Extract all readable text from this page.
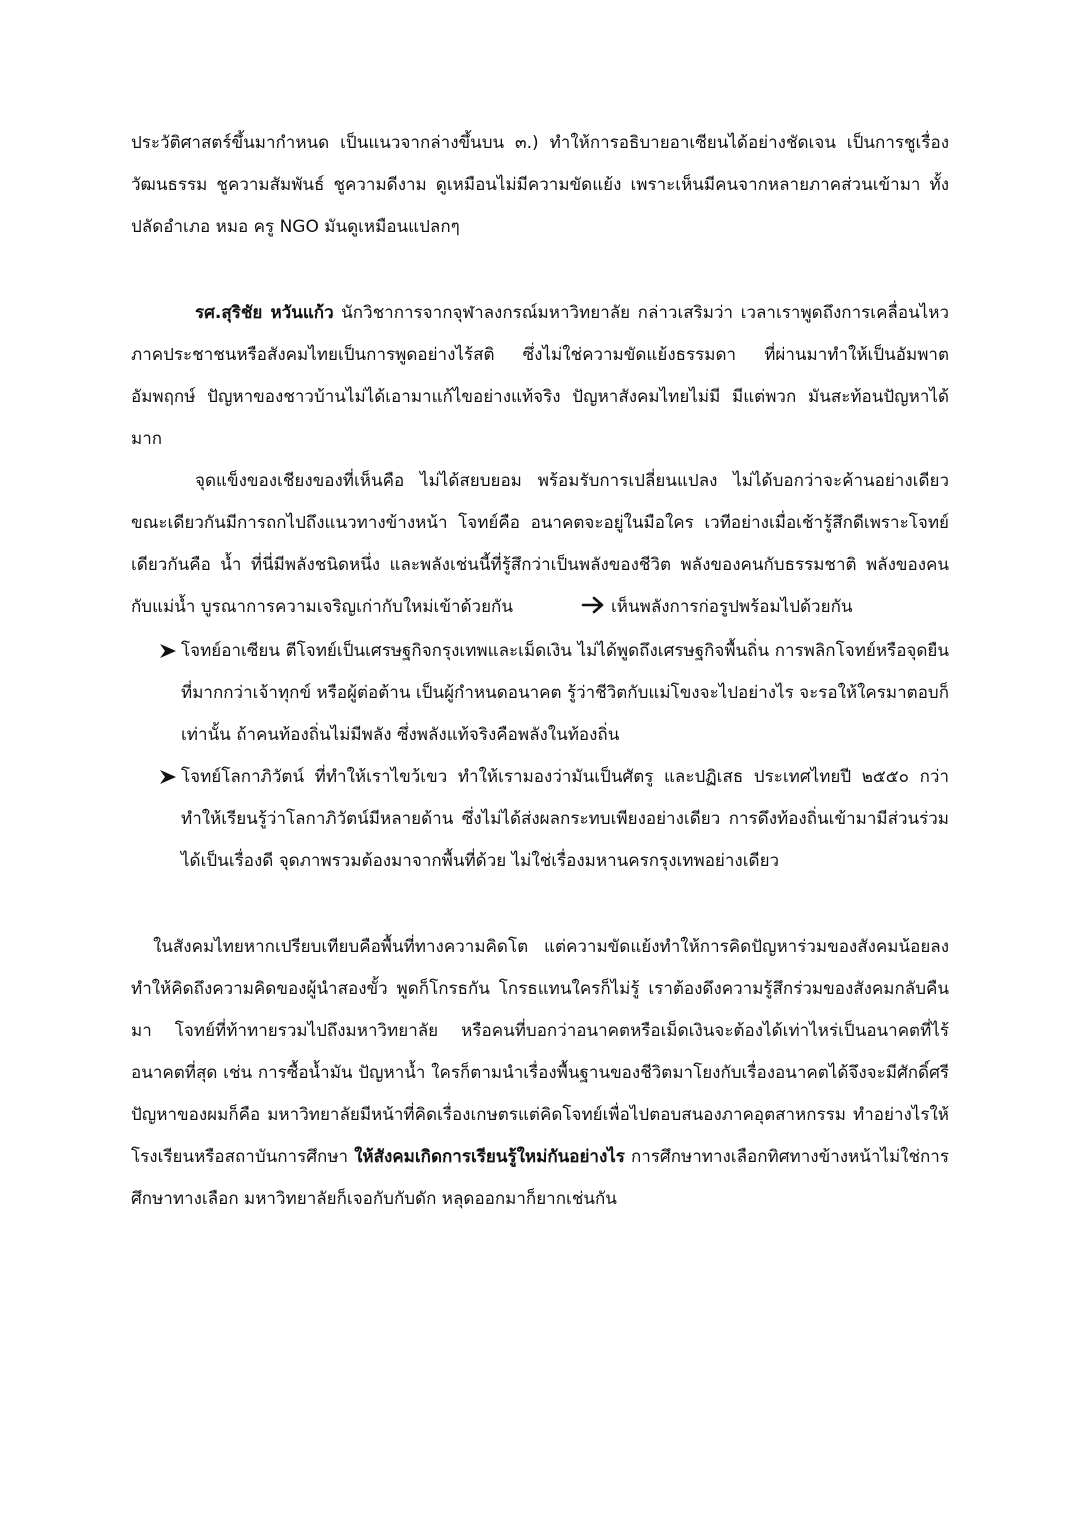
ประวัติศาสตร์ขึ้นมากำหนด เป็นแนวจากล่างขึ้นบน ๓.) ทำให้การอธิบายอาเซียนได้อย่างชัดเจน เป็นการชูเรื่องวัฒนธรรม ชูความสัมพันธ์ ชูความดีงาม ดูเหมือนไม่มีความขัดแย้ง เพราะเห็นมีคนจากหลายภาคส่วนเข้ามา ทั้งปลัดอำเภอ หมอ ครู NGO มันดูเหมือนแปลกๆ

รศ.สุริชัย หวันแก้ว นักวิชาการจากจุฬาลงกรณ์มหาวิทยาลัย กล่าวเสริมว่า เวลาเราพูดถึงการเคลื่อนไหวภาคประชาชนหรือสังคมไทยเป็นการพูดอย่างไร้สติ ซึ่งไม่ใช่ความขัดแย้งธรรมดา ที่ผ่านมาทำให้เป็นอัมพาต อัมพฤกษ์ ปัญหาของชาวบ้านไม่ได้เอามาแก้ไขอย่างแท้จริง ปัญหาสังคมไทยไม่มี มีแต่พวก มันสะท้อนปัญหาได้มาก

จุดแข็งของเชียงของที่เห็นคือ ไม่ได้สยบยอม พร้อมรับการเปลี่ยนแปลง ไม่ได้บอกว่าจะค้านอย่างเดียว ขณะเดียวกันมีการถกไปถึงแนวทางข้างหน้า โจทย์คือ อนาคตจะอยู่ในมือใคร เวทีอย่างเมื่อเช้ารู้สึกดีเพราะโจทย์เดียวกันคือ น้ำ ที่นี่มีพลังชนิดหนึ่ง และพลังเช่นนี้ที่รู้สึกว่าเป็นพลังของชีวิต พลังของคนกับธรรมชาติ พลังของคนกับแม่น้ำ บูรณาการความเจริญเก่ากับใหม่เข้าด้วยกัน	เห็นพลังการก่อรูปพร้อมไปด้วยกัน

โจทย์อาเซียน ตีโจทย์เป็นเศรษฐกิจกรุงเทพและเม็ดเงิน ไม่ได้พูดถึงเศรษฐกิจพื้นถิ่น การพลิกโจทย์หรือจุดยืนที่มากกว่าเจ้าทุกข์ หรือผู้ต่อต้าน เป็นผู้กำหนดอนาคต รู้ว่าชีวิตกับแม่โขงจะไปอย่างไร จะรอให้ใครมาตอบก็เท่านั้น ถ้าคนท้องถิ่นไม่มีพลัง ซึ่งพลังแท้จริงคือพลังในท้องถิ่น
โจทย์โลกาภิวัตน์ ที่ทำให้เราไขว้เขว ทำให้เรามองว่ามันเป็นศัตรู และปฏิเสธ ประเทศไทยปี ๒๕๕๐ กว่า ทำให้เรียนรู้ว่าโลกาภิวัตน์มีหลายด้าน ซึ่งไม่ได้ส่งผลกระทบเพียงอย่างเดียว การดึงท้องถิ่นเข้ามามีส่วนร่วมได้เป็นเรื่องดี จุดภาพรวมต้องมาจากพื้นที่ด้วย ไม่ใช่เรื่องมหานครกรุงเทพอย่างเดียว

ในสังคมไทยหากเปรียบเทียบคือพื้นที่ทางความคิดโต แต่ความขัดแย้งทำให้การคิดปัญหาร่วมของสังคมน้อยลง ทำให้คิดถึงความคิดของผู้นำสองขั้ว พูดก็โกรธกัน โกรธแทนใครก็ไม่รู้ เราต้องดึงความรู้สึกร่วมของสังคมกลับคืนมา โจทย์ที่ท้าทายรวมไปถึงมหาวิทยาลัย หรือคนที่บอกว่าอนาคตหรือเม็ดเงินจะต้องได้เท่าไหร่เป็นอนาคตที่ไร้อนาคตที่สุด เช่น การซื้อน้ำมัน ปัญหาน้ำ ใครก็ตามนำเรื่องพื้นฐานของชีวิตมาโยงกับเรื่องอนาคตได้จึงจะมีศักดิ์ศรี ปัญหาของผมก็คือ มหาวิทยาลัยมีหน้าที่คิดเรื่องเกษตรแต่คิดโจทย์เพื่อไปตอบสนองภาคอุตสาหกรรม ทำอย่างไรให้โรงเรียนหรือสถาบันการศึกษา ให้สังคมเกิดการเรียนรู้ใหม่กันอย่างไร การศึกษาทางเลือกทิศทางข้างหน้าไม่ใช่การศึกษาทางเลือก มหาวิทยาลัยก็เจอกับกับดัก หลุดออกมาก็ยากเช่นกัน
